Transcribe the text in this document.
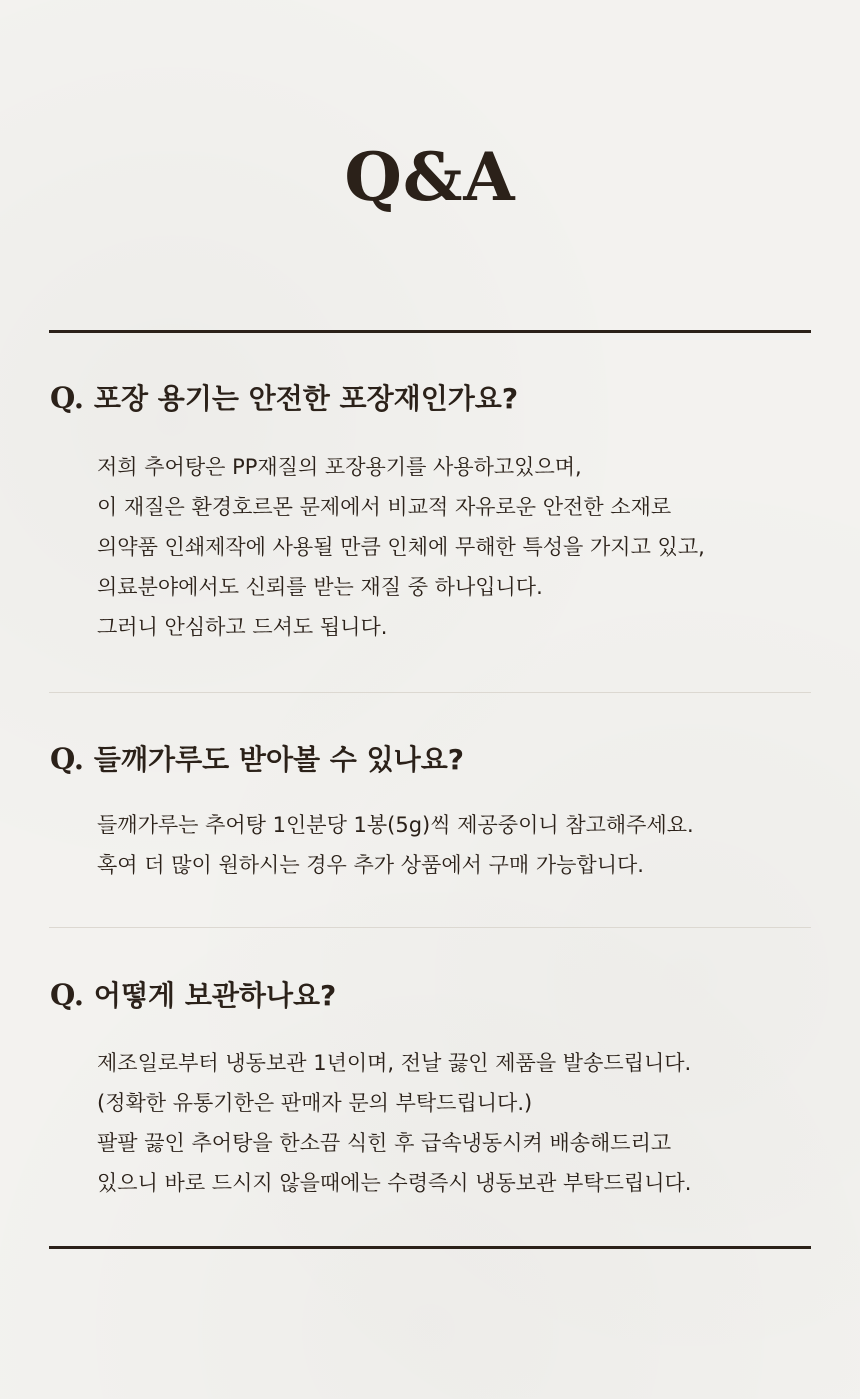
Q&A
Q. 포장 용기는 안전한 포장재인가요?
저희 추어탕은 PP재질의 포장용기를 사용하고있으며,
이 재질은 환경호르몬 문제에서 비교적 자유로운 안전한 소재로
의약품 인쇄제작에 사용될 만큼 인체에 무해한 특성을 가지고 있고,
의료분야에서도 신뢰를 받는 재질 중 하나입니다.
그러니 안심하고 드셔도 됩니다.
Q. 들깨가루도 받아볼 수 있나요?
들깨가루는 추어탕 1인분당 1봉(5g)씩 제공중이니 참고해주세요.
혹여 더 많이 원하시는 경우 추가 상품에서 구매 가능합니다.
Q. 어떻게 보관하나요?
제조일로부터 냉동보관 1년이며, 전날 끓인 제품을 발송드립니다.
(정확한 유통기한은 판매자 문의 부탁드립니다.)
팔팔 끓인 추어탕을 한소끔 식힌 후 급속냉동시켜 배송해드리고
있으니 바로 드시지 않을때에는 수령즉시 냉동보관 부탁드립니다.
